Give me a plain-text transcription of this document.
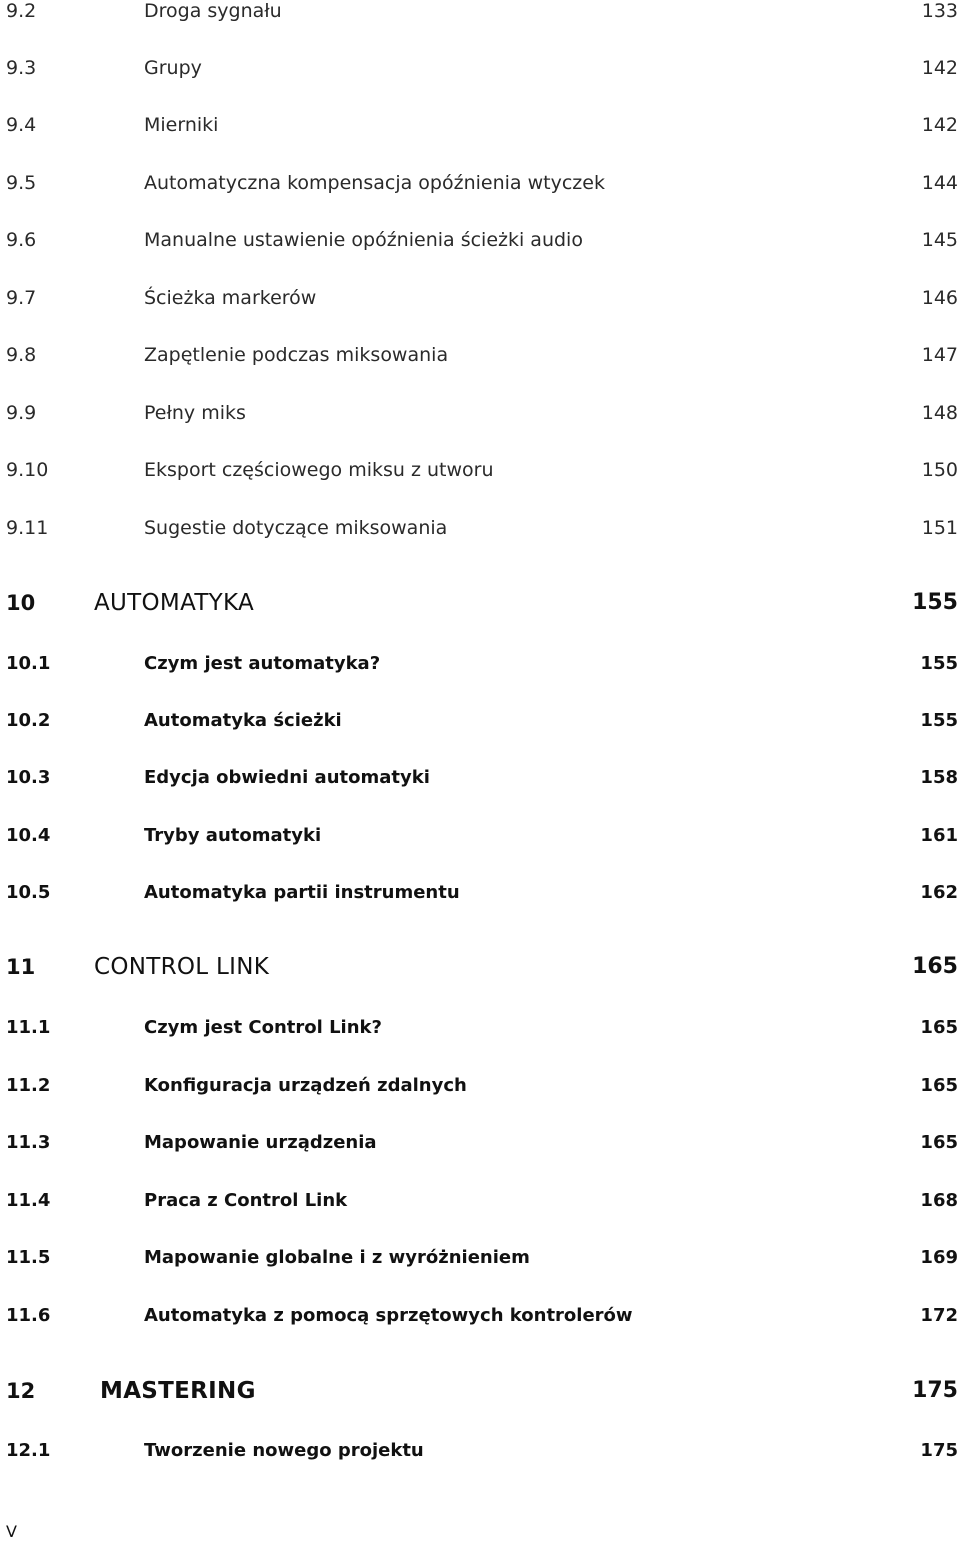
9.2	Droga sygnału	133
9.3	Grupy	142
9.4	Mierniki	142
9.5	Automatyczna kompensacja opóźnienia wtyczek	144
9.6	Manualne ustawienie opóźnienia ścieżki audio	145
9.7	Ścieżka markerów	146
9.8	Zapętlenie podczas miksowania	147
9.9	Pełny miks	148
9.10	Eksport częściowego miksu z utworu	150
9.11	Sugestie dotyczące miksowania	151
10	AUTOMATYKA	155
10.1	Czym jest automatyka?	155
10.2	Automatyka ścieżki	155
10.3	Edycja obwiedni automatyki	158
10.4	Tryby automatyki	161
10.5	Automatyka partii instrumentu	162
11	CONTROL LINK	165
11.1	Czym jest Control Link?	165
11.2	Konfiguracja urządzeń zdalnych	165
11.3	Mapowanie urządzenia	165
11.4	Praca z Control Link	168
11.5	Mapowanie globalne i z wyróżnieniem	169
11.6	Automatyka z pomocą sprzętowych kontrolerów	172
12	MASTERING	175
12.1	Tworzenie nowego projektu	175
V
